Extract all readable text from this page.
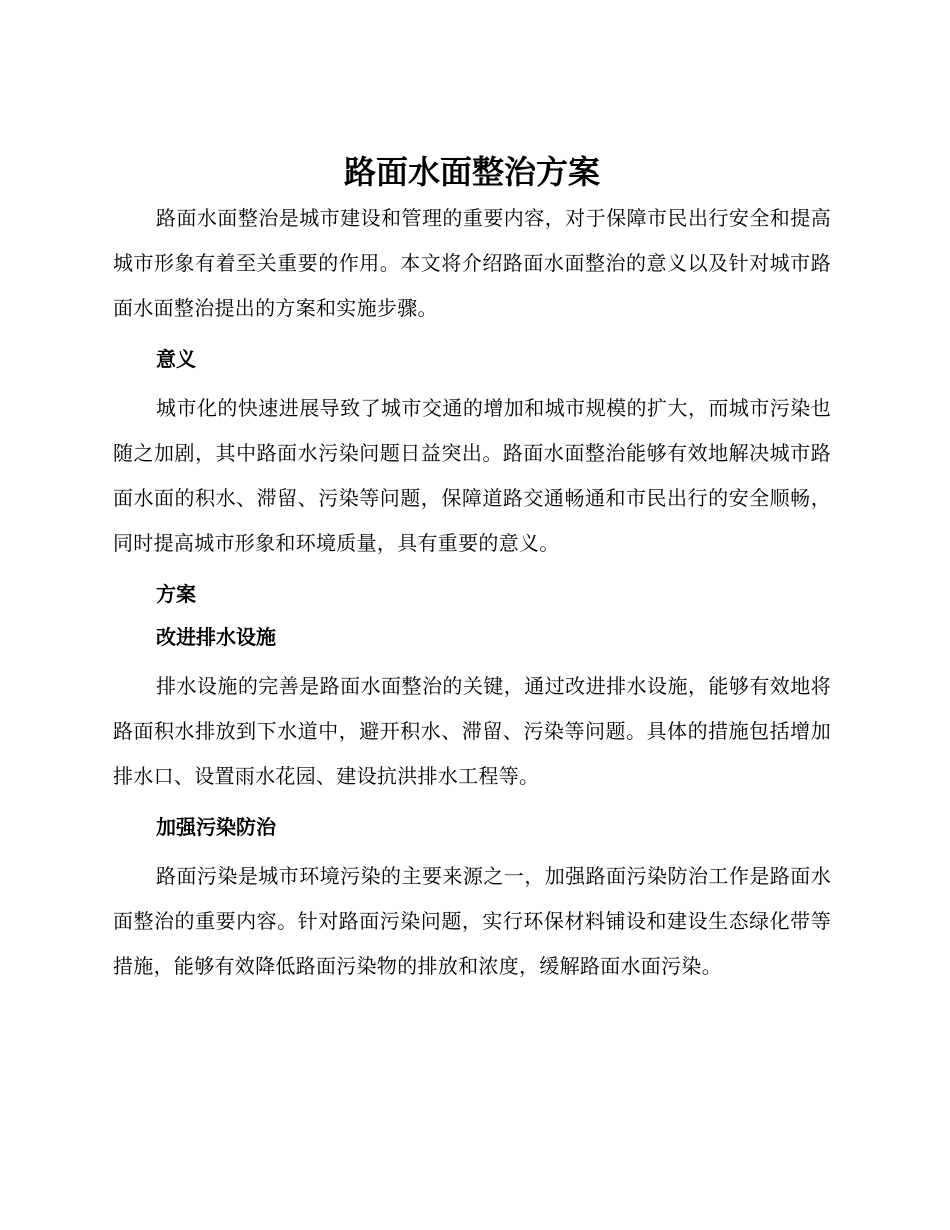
路面水面整治方案

路面水面整治是城市建设和管理的重要内容，对于保障市民出行安全和提高城市形象有着至关重要的作用。本文将介绍路面水面整治的意义以及针对城市路面水面整治提出的方案和实施步骤。

意义

城市化的快速进展导致了城市交通的增加和城市规模的扩大，而城市污染也随之加剧，其中路面水污染问题日益突出。路面水面整治能够有效地解决城市路面水面的积水、滞留、污染等问题，保障道路交通畅通和市民出行的安全顺畅，同时提高城市形象和环境质量，具有重要的意义。

方案
改进排水设施

排水设施的完善是路面水面整治的关键，通过改进排水设施，能够有效地将路面积水排放到下水道中，避开积水、滞留、污染等问题。具体的措施包括增加排水口、设置雨水花园、建设抗洪排水工程等。

加强污染防治

路面污染是城市环境污染的主要来源之一，加强路面污染防治工作是路面水面整治的重要内容。针对路面污染问题，实行环保材料铺设和建设生态绿化带等措施，能够有效降低路面污染物的排放和浓度，缓解路面水面污染。
